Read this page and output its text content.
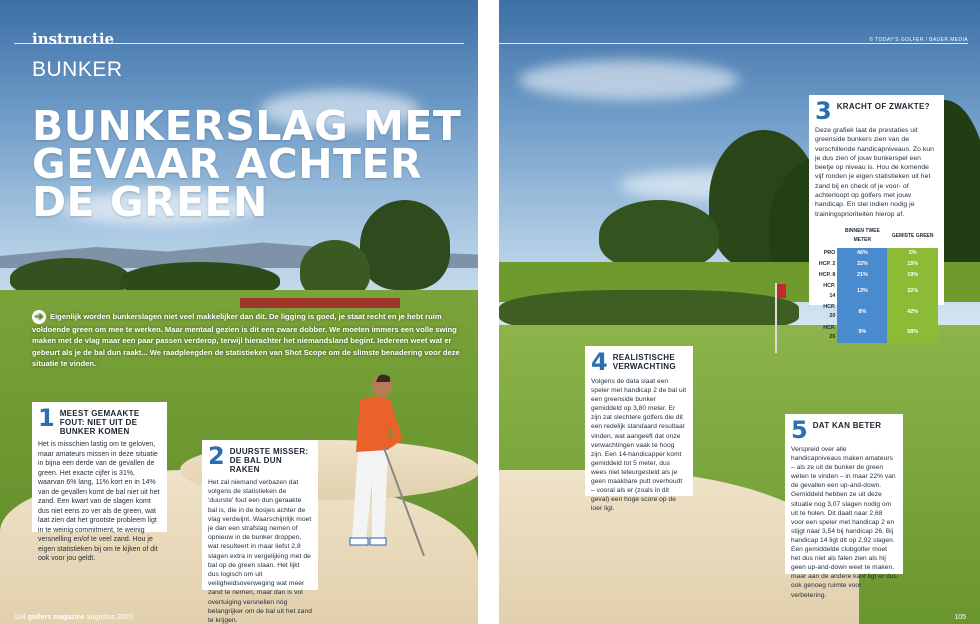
instructie
BUNKER
BUNKERSLAG MET GEVAAR ACHTER DE GREEN
➔ Eigenlijk worden bunkerslagen niet veel makkelijker dan dit. De ligging is goed, je staat recht en je hebt ruim voldoende green om mee te werken. Maar mentaal gezien is dit een zware dobber. We moeten immers een volle swing maken met de vlag maar een paar passen verderop, terwijl hierachter het niemandsland begint. Iedereen weet wat er gebeurt als je de bal dun raakt... We raadpleegden de statistieken van Shot Scope om de slimste benadering voor deze situatie te vinden.
1 MEEST GEMAAKTE FOUT: NIET UIT DE BUNKER KOMEN
Het is misschien lastig om te geloven, maar amateurs missen in deze situatie in bijna een derde van de gevallen de green. Het exacte cijfer is 31%, waarvan 6% lang, 11% kort en in 14% van de gevallen komt de bal niet uit het zand. Een kwart van de slagen komt dus niet eens zo ver als de green, wat laat zien dat het grootste probleem ligt in te weinig commitment, te weinig versnelling en/of te veel zand. Hou je eigen statistieken bij om te kijken of dit ook voor jou geldt.
2 DUURSTE MISSER: DE BAL DUN RAKEN
Het zal niemand verbazen dat volgens de statistieken de 'duurste' fout een dun geraakte bal is, die in de bosjes achter de vlag verdwijnt. Waarschijnlijk moet je dan een strafslag nemen of opnieuw in de bunker droppen, wat resulteert in maar liefst 2,8 slagen extra in vergelijking met de bal op de green slaan. Het lijkt dus logisch om uit veiligheidsoverweging wat meer zand te nemen, maar dan is vol overtuiging versnellen nóg belangrijker om de bal uit het zand te krijgen.
104 golfers magazine augustus 2020
© TODAY'S GOLFER / BAUER MEDIA
3 KRACHT OF ZWAKTE?
Deze grafiek laat de prestaties uit greenside bunkers zien van de verschillende handicapniveaus. Zo kun je dus zien of jouw bunkerspel een beetje op niveau is. Hou de komende vijf ronden je eigen statistieken uit het zand bij en check of je voor- of achterloopt op golfers met jouw handicap. En stel indien nodig je trainingsprioriteiten hierop af.
	BINNEN TWEE METER	GEMISTE GREEN
PRO	46%	2%
HCP. 2	32%	15%
HCP. 8	21%	19%
HCP. 14	13%	32%
HCP. 20	8%	42%
HCP. 26	9%	58%
4 REALISTISCHE VERWACHTING
Volgens de data slaat een speler met handicap 2 de bal uit een greenside bunker gemiddeld op 3,80 meter. Er zijn zat slechtere golfers die dit een redelijk standaard resultaat vinden, wat aangeeft dat onze verwachtingen vaak te hoog zijn. Een 14-handicapper komt gemiddeld tot 5 meter, dus wees niet teleurgesteld als je geen maakbare putt overhoudt – vooral als er (zoals in dit geval) een hoge score op de loer ligt.
5 DAT KAN BETER
Verspreid over alle handicapniveaus maken amateurs – als ze uit de bunker de green weten te vinden – in maar 22% van de gevallen een up-and-down. Gemiddeld hebben ze uit deze situatie nog 3,07 slagen nodig om uit te holen. Dit daalt naar 2,68 voor een speler met handicap 2 en stijgt naar 3,54 bij handicap 26. Bij handicap 14 ligt dit op 2,92 slagen. Een gemiddelde clubgolfer moet het dus niet als falen zien als hij geen up-and-down weet te maken, maar aan de andere kant ligt er dus ook genoeg ruimte voor verbetering.
105
